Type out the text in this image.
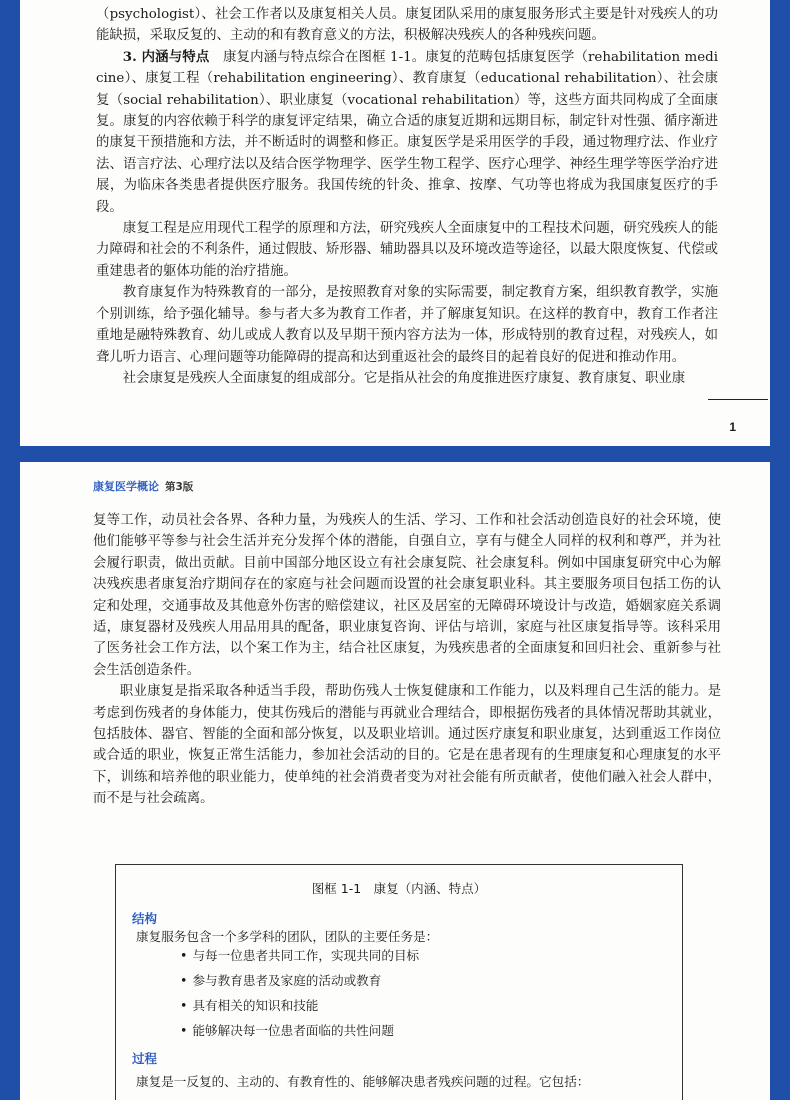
（psychologist）、社会工作者以及康复相关人员。康复团队采用的康复服务形式主要是针对残疾人的功能缺损，采取反复的、主动的和有教育意义的方法，积极解决残疾人的各种残疾问题。

3. 内涵与特点　 康复内涵与特点综合在图框 1-1。康复的范畴包括康复医学（rehabilitation medicine）、康复工程（rehabilitation engineering）、教育康复（educational rehabilitation）、社会康复（social rehabilitation）、职业康复（vocational rehabilitation）等，这些方面共同构成了全面康复。康复的内容依赖于科学的康复评定结果，确立合适的康复近期和远期目标，制定针对性强、循序渐进的康复干预措施和方法，并不断适时的调整和修正。康复医学是采用医学的手段，通过物理疗法、作业疗法、语言疗法、心理疗法以及结合医学物理学、医学生物工程学、医疗心理学、神经生理学等医学治疗进展，为临床各类患者提供医疗服务。我国传统的针灸、推拿、按摩、气功等也将成为我国康复医疗的手段。

康复工程是应用现代工程学的原理和方法，研究残疾人全面康复中的工程技术问题，研究残疾人的能力障碍和社会的不利条件，通过假肢、矫形器、辅助器具以及环境改造等途径，以最大限度恢复、代偿或重建患者的躯体功能的治疗措施。

教育康复作为特殊教育的一部分，是按照教育对象的实际需要，制定教育方案，组织教育教学，实施个别训练，给予强化辅导。参与者大多为教育工作者，并了解康复知识。在这样的教育中，教育工作者注重地是融特殊教育、幼儿或成人教育以及早期干预内容方法为一体，形成特别的教育过程，对残疾人，如聋儿听力语言、心理问题等功能障碍的提高和达到重返社会的最终目的起着良好的促进和推动作用。

社会康复是残疾人全面康复的组成部分。它是指从社会的角度推进医疗康复、教育康复、职业康

1
康复医学概论 第3版

复等工作，动员社会各界、各种力量，为残疾人的生活、学习、工作和社会活动创造良好的社会环境，使他们能够平等参与社会生活并充分发挥个体的潜能，自强自立，享有与健全人同样的权利和尊严，并为社会履行职责，做出贡献。目前中国部分地区设立有社会康复院、社会康复科。例如中国康复研究中心为解决残疾患者康复治疗期间存在的家庭与社会问题而设置的社会康复职业科。其主要服务项目包括工伤的认定和处理，交通事故及其他意外伤害的赔偿建议，社区及居室的无障碍环境设计与改造，婚姻家庭关系调适，康复器材及残疾人用品用具的配备，职业康复咨询、评估与培训，家庭与社区康复指导等。该科采用了医务社会工作方法，以个案工作为主，结合社区康复，为残疾患者的全面康复和回归社会、重新参与社会生活创造条件。

职业康复是指采取各种适当手段，帮助伤残人士恢复健康和工作能力，以及料理自己生活的能力。是考虑到伤残者的身体能力，使其伤残后的潜能与再就业合理结合，即根据伤残者的具体情况帮助其就业，包括肢体、器官、智能的全面和部分恢复，以及职业培训。通过医疗康复和职业康复，达到重返工作岗位或合适的职业，恢复正常生活能力，参加社会活动的目的。它是在患者现有的生理康复和心理康复的水平下，训练和培养他的职业能力，使单纯的社会消费者变为对社会能有所贡献者，使他们融入社会人群中，而不是与社会疏离。

图框 1-1　康复（内涵、特点）
结构
康复服务包含一个多学科的团队，团队的主要任务是：
• 与每一位患者共同工作，实现共同的目标
• 参与教育患者及家庭的活动或教育
• 具有相关的知识和技能
• 能够解决每一位患者面临的共性问题
过程
康复是一反复的、主动的、有教育性的、能够解决患者残疾问题的过程。它包括：
